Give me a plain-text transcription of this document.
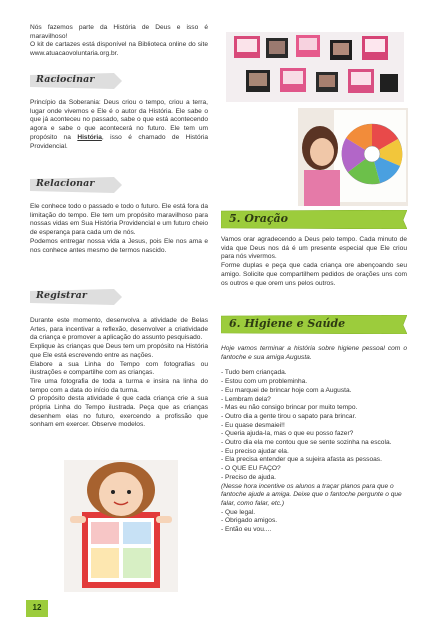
Nós fazemos parte da História de Deus e isso é maravilhoso!

O kit de cartazes está disponível na Biblioteca online do site www.atuacaovoluntaria.org.br.

Raciocinar

Princípio da Soberania: Deus criou o tempo, criou a terra, lugar onde vivemos e Ele é o autor da História. Ele sabe o que já aconteceu no passado, sabe o que está acontecendo agora e sabe o que acontecerá no futuro. Ele tem um propósito na História, isso é chamado de História Providencial.

Relacionar

Ele conhece todo o passado e todo o futuro. Ele está fora da limitação do tempo. Ele tem um propósito maravilhoso para nossas vidas em Sua História Providencial e um futuro cheio de esperança para cada um de nós.

Podemos entregar nossa vida a Jesus, pois Ele nos ama e nos conhece antes mesmo de termos nascido.

5. Oração

Vamos orar agradecendo a Deus pelo tempo. Cada minuto de vida que Deus nos dá é um presente especial que Ele criou para nós vivermos.

Forme duplas e peça que cada criança ore abençoando seu amigo. Solicite que compartilhem pedidos de orações uns com os outros e que orem uns pelos outros.

Registrar
6. Higiene e Saúde

Durante este momento, desenvolva a atividade de Belas Artes, para incentivar a reflexão, desenvolver a criatividade da criança e promover a aplicação do assunto pesquisado.

Explique às crianças que Deus tem um propósito na História que Ele está escrevendo entre as nações.

Elabore a sua Linha do Tempo com fotografias ou ilustrações e compartilhe com as crianças.

Tire uma fotografia de toda a turma e insira na linha do tempo com a data do início da turma.

O propósito desta atividade é que cada criança crie a sua própria Linha do Tempo ilustrada. Peça que as crianças desenhem elas no futuro, exercendo a profissão que sonham em exercer. Observe modelos.

Hoje vamos terminar a história sobre higiene pessoal com o fantoche e sua amiga Augusta.

- Tudo bem criançada.
- Estou com um probleminha.
- Eu marquei de brincar hoje com a Augusta.
- Lembram dela?
- Mas eu não consigo brincar por muito tempo.
- Outro dia a gente tirou o sapato para brincar.
- Eu quase desmaiei!!
- Queria ajuda-la, mas o que eu posso fazer?
- Outro dia ela me contou que se sente sozinha na escola.
- Eu preciso ajudar ela.
- Ela precisa entender que a sujeira afasta as pessoas.
- O QUE EU FAÇO?
- Preciso de ajuda.
(Nesse hora incentive os alunos a traçar planos para que o fantoche ajude a amiga. Deixe que o fantoche pergunte o que falar, como falar, etc.)
- Que legal.
- Obrigado amigos.
- Então eu vou....
12
